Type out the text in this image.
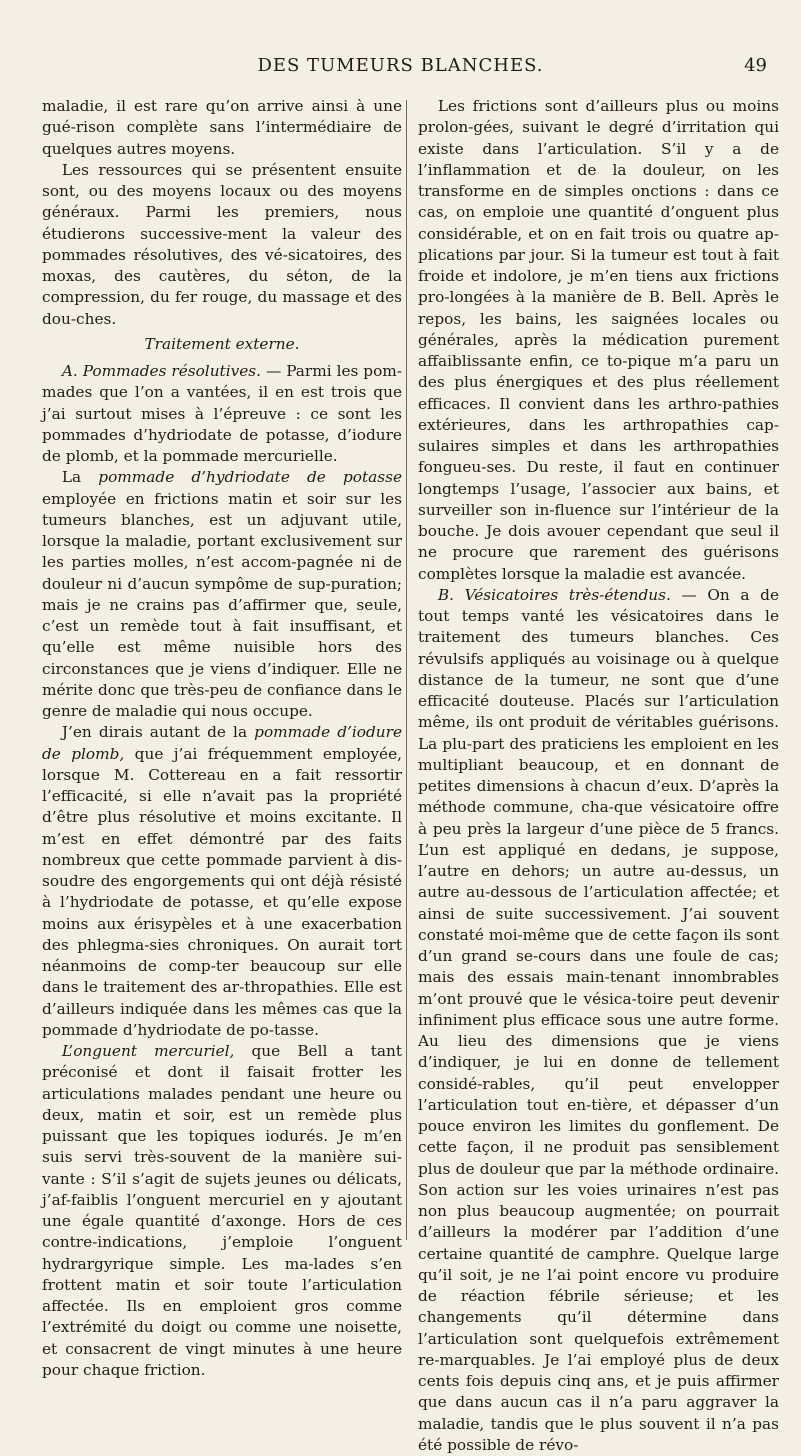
DES TUMEURS BLANCHES.	49

maladie, il est rare qu’on arrive ainsi à une gué-rison complète sans l’intermédiaire de quelques autres moyens.

Les ressources qui se présentent ensuite sont, ou des moyens locaux ou des moyens généraux. Parmi les premiers, nous étudierons successive-ment la valeur des pommades résolutives, des vé-sicatoires, des moxas, des cautères, du séton, de la compression, du fer rouge, du massage et des dou-ches.

Traitement externe.

A. Pommades résolutives. — Parmi les pom-mades que l’on a vantées, il en est trois que j’ai surtout mises à l’épreuve : ce sont les pommades d’hydriodate de potasse, d’iodure de plomb, et la pommade mercurielle.

La pommade d’hydriodate de potasse employée en frictions matin et soir sur les tumeurs blanches, est un adjuvant utile, lorsque la maladie, portant exclusivement sur les parties molles, n’est accom-pagnée ni de douleur ni d’aucun sympôme de sup-puration; mais je ne crains pas d’affirmer que, seule, c’est un remède tout à fait insuffisant, et qu’elle est même nuisible hors des circonstances que je viens d’indiquer. Elle ne mérite donc que très-peu de confiance dans le genre de maladie qui nous occupe.

J’en dirais autant de la pommade d’iodure de plomb, que j’ai fréquemment employée, lorsque M. Cottereau en a fait ressortir l’efficacité, si elle n’avait pas la propriété d’être plus résolutive et moins excitante. Il m’est en effet démontré par des faits nombreux que cette pommade parvient à dis-soudre des engorgements qui ont déjà résisté à l’hydriodate de potasse, et qu’elle expose moins aux érisypèles et à une exacerbation des phlegma-sies chroniques. On aurait tort néanmoins de comp-ter beaucoup sur elle dans le traitement des ar-thropathies. Elle est d’ailleurs indiquée dans les mêmes cas que la pommade d’hydriodate de po-tasse.

L’onguent mercuriel, que Bell a tant préconisé et dont il faisait frotter les articulations malades pendant une heure ou deux, matin et soir, est un remède plus puissant que les topiques iodurés. Je m’en suis servi très-souvent de la manière sui-vante : S’il s’agit de sujets jeunes ou délicats, j’af-faiblis l’onguent mercuriel en y ajoutant une égale quantité d’axonge. Hors de ces contre-indications, j’emploie l’onguent hydrargyrique simple. Les ma-lades s’en frottent matin et soir toute l’articulation affectée. Ils en emploient gros comme l’extrémité du doigt ou comme une noisette, et consacrent de vingt minutes à une heure pour chaque friction.

Les frictions sont d’ailleurs plus ou moins prolon-gées, suivant le degré d’irritation qui existe dans l’articulation. S’il y a de l’inflammation et de la douleur, on les transforme en de simples onctions : dans ce cas, on emploie une quantité d’onguent plus considérable, et on en fait trois ou quatre ap-plications par jour. Si la tumeur est tout à fait froide et indolore, je m’en tiens aux frictions pro-longées à la manière de B. Bell. Après le repos, les bains, les saignées locales ou générales, après la médication purement affaiblissante enfin, ce to-pique m’a paru un des plus énergiques et des plus réellement efficaces. Il convient dans les arthro-pathies extérieures, dans les arthropathies cap-sulaires simples et dans les arthropathies fongueu-ses. Du reste, il faut en continuer longtemps l’usage, l’associer aux bains, et surveiller son in-fluence sur l’intérieur de la bouche. Je dois avouer cependant que seul il ne procure que rarement des guérisons complètes lorsque la maladie est avancée.

B. Vésicatoires très-étendus. — On a de tout temps vanté les vésicatoires dans le traitement des tumeurs blanches. Ces révulsifs appliqués au voisinage ou à quelque distance de la tumeur, ne sont que d’une efficacité douteuse. Placés sur l’articulation même, ils ont produit de véritables guérisons. La plu-part des praticiens les emploient en les multipliant beaucoup, et en donnant de petites dimensions à chacun d’eux. D’après la méthode commune, cha-que vésicatoire offre à peu près la largeur d’une pièce de 5 francs. L’un est appliqué en dedans, je suppose, l’autre en dehors; un autre au-dessus, un autre au-dessous de l’articulation affectée; et ainsi de suite successivement. J’ai souvent constaté moi-même que de cette façon ils sont d’un grand se-cours dans une foule de cas; mais des essais main-tenant innombrables m’ont prouvé que le vésica-toire peut devenir infiniment plus efficace sous une autre forme. Au lieu des dimensions que je viens d’indiquer, je lui en donne de tellement considé-rables, qu’il peut envelopper l’articulation tout en-tière, et dépasser d’un pouce environ les limites du gonflement. De cette façon, il ne produit pas sensiblement plus de douleur que par la méthode ordinaire. Son action sur les voies urinaires n’est pas non plus beaucoup augmentée; on pourrait d’ailleurs la modérer par l’addition d’une certaine quantité de camphre. Quelque large qu’il soit, je ne l’ai point encore vu produire de réaction fébrile sérieuse; et les changements qu’il détermine dans l’articulation sont quelquefois extrêmement re-marquables. Je l’ai employé plus de deux cents fois depuis cinq ans, et je puis affirmer que dans aucun cas il n’a paru aggraver la maladie, tandis que le plus souvent il n’a pas été possible de révo-
